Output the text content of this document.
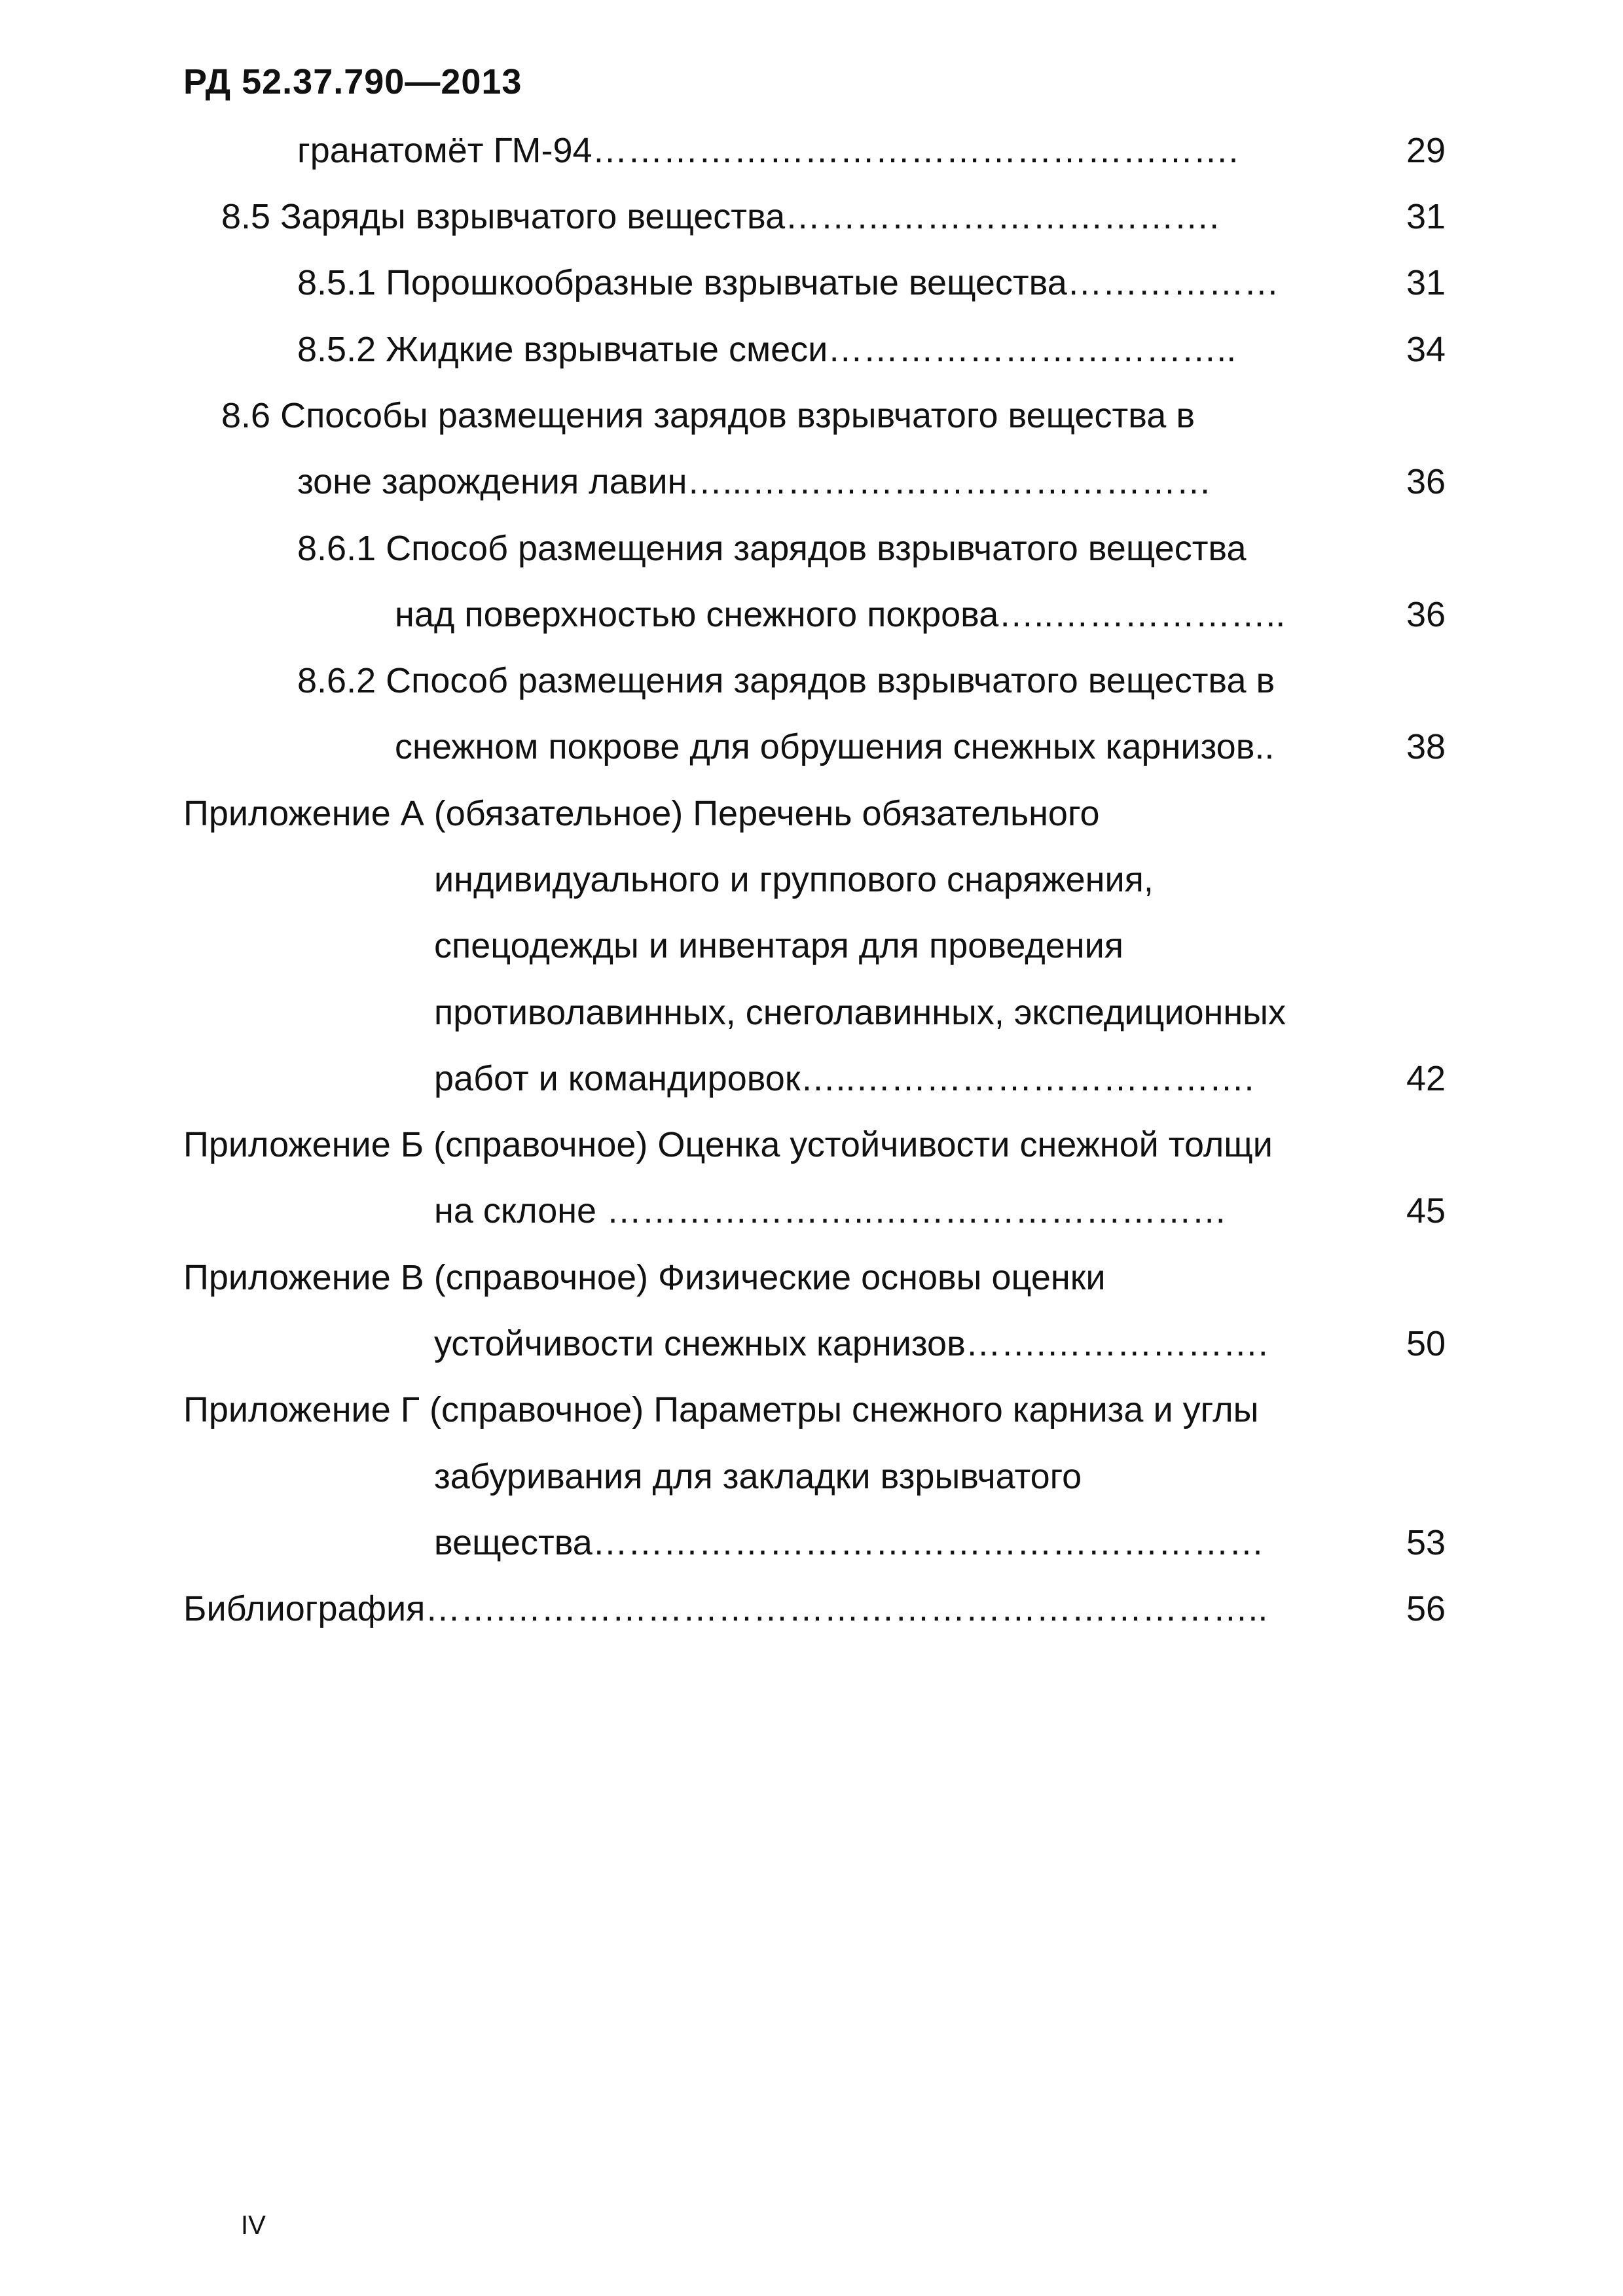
РД 52.37.790—2013
гранатомёт ГМ-94……………………………………………….	29
8.5 Заряды взрывчатого вещества……………………………….	31
8.5.1 Порошкообразные взрывчатые вещества………………	31
8.5.2 Жидкие взрывчатые смеси……………………………..	34
8.6 Способы размещения зарядов взрывчатого вещества в
зоне зарождения лавин…...…………………………………	36
8.6.1 Способ размещения зарядов взрывчатого вещества
над поверхностью снежного покрова…..………………..	36
8.6.2 Способ размещения зарядов взрывчатого вещества в
снежном покрове для обрушения снежных карнизов..	38
Приложение А (обязательное) Перечень обязательного
индивидуального и группового снаряжения,
спецодежды и инвентаря для проведения
противолавинных, снеголавинных, экспедиционных
работ и командировок…..…………………………….	42
Приложение Б (справочное) Оценка устойчивости снежной толщи
на склоне …………………..…………………………	45
Приложение В (справочное) Физические основы оценки
устойчивости снежных карнизов…….……………….	50
Приложение Г (справочное) Параметры снежного карниза и углы
забуривания для закладки взрывчатого
вещества…………………………………………………	53
Библиография…….………………………………………………………..	56
IV
